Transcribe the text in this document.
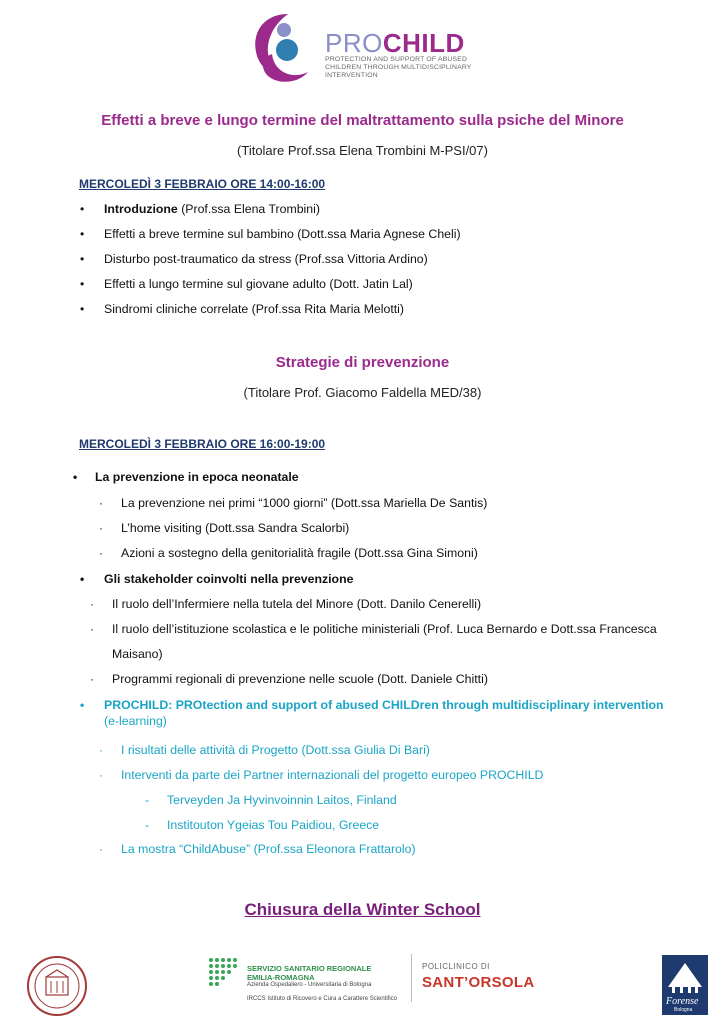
PROCHILD
PROTECTION AND SUPPORT OF ABUSED
CHILDREN THROUGH MULTIDISCIPLINARY INTERVENTION
Effetti a breve e lungo termine del maltrattamento sulla psiche del Minore
(Titolare Prof.ssa Elena Trombini M-PSI/07)
MERCOLEDÌ 3 FEBBRAIO ORE 14:00-16:00
• Introduzione (Prof.ssa Elena Trombini)
• Effetti a breve termine sul bambino (Dott.ssa Maria Agnese Cheli)
• Disturbo post-traumatico da stress (Prof.ssa Vittoria Ardino)
• Effetti a lungo termine sul giovane adulto (Dott. Jatin Lal)
• Sindromi cliniche correlate (Prof.ssa Rita Maria Melotti)
Strategie di prevenzione
(Titolare Prof. Giacomo Faldella MED/38)
MERCOLEDÌ 3 FEBBRAIO ORE 16:00-19:00
• La prevenzione in epoca neonatale
· La prevenzione nei primi “1000 giorni” (Dott.ssa Mariella De Santis)
· L’home visiting (Dott.ssa Sandra Scalorbi)
· Azioni a sostegno della genitorialità fragile (Dott.ssa Gina Simoni)
• Gli stakeholder coinvolti nella prevenzione
· Il ruolo dell’Infermiere nella tutela del Minore (Dott. Danilo Cenerelli)
· Il ruolo dell’istituzione scolastica e le politiche ministeriali (Prof. Luca Bernardo e Dott.ssa Francesca
Maisano)
· Programmi regionali di prevenzione nelle scuole (Dott. Daniele Chitti)
• PROCHILD: PROtection and support of abused CHILDren through multidisciplinary intervention
(e-learning)
· I risultati delle attività di Progetto (Dott.ssa Giulia Di Bari)
· Interventi da parte dei Partner internazionali del progetto europeo PROCHILD
- Terveyden Ja Hyvinvoinnin Laitos, Finland
- Institouton Ygeias Tou Paidiou, Greece
· La mostra “ChildAbuse” (Prof.ssa Eleonora Frattarolo)
Chiusura della Winter School
SERVIZIO SANITARIO REGIONALE
EMILIA-ROMAGNA
Azienda Ospedaliero - Universitaria di Bologna
IRCCS Istituto di Ricovero e Cura a Carattere Scientifico
POLICLINICO DI
SANT’ORSOLA
Forense
Bologna
